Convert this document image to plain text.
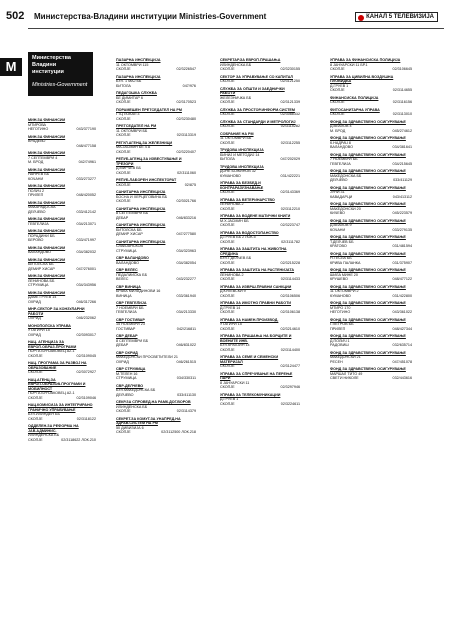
502 Министерства-Владини институции Ministries-Government	КАНАЛ 5 ТЕЛЕВИЗИЈА
М
Министерства Владини институции
Ministries-Government
МИН.ЗА ФИНАНСИИ
МТИРОВА
НЕГОТИНО	043/377190
МИН.ЗА ФИНАНСИИ
ВРАДЕВО
048/477158
МИН.ЗА ФИНАНСИИ
7 СЕПТЕМВРИ 4
М. БРОД	042/74961
МИН.ЗА ФИНАНСИИ
НАНРЕВ ББ
КОЧАНИ	033/273277
МИН.ЗА ФИНАНСИИ
ПОЛИЧ 2
ПРИЛЕП	048/420052
МИН.ЗА ФИНАНСИИ
МАКАРАДОСКА
ДЕЛЧЕВО	033/412142
МИН.ЗА ФИНАНСИИ
ГЕВГЕЛИЈА	034/213071
МИН.ЗА ФИНАНСИИ
ПОРАДИНИ ББ
БЕРОВО	033/471997
МИН.ЗА ФИНАНСИИ
ВАЛАНДОВО	034/382032
МИН.ЗА ФИНАНСИИ
БИТОЛСКА ББ
ДЕМИР ХИСАР	047/276001
МИН.ЗА ФИНАНСИИ
ЛЕНИНОВА ББ
СТРУМИЦА	034/343956
МИН.ЗА ФИНАНСИИ
ДАМЕ ГРУЕВ 14
ОХРИД	046/317266
МНР-СЕКТОР ЗА КОНЗУЛАРНИ РАБОТИ
ОХРИД	046/232062
МОНОПОЛСКА УПРАВА
УТАГИРИ 15
ОХРИД	02/3093017
НАЦ. АГЕНЦИЈА ЗА ЕВРОП.ОБРАЗ.ПРОГРАМИ
ПОРТА БУНЈАКОВЕЦ А2-1
СКОПЈЕ	02/3109045
НАЦ. ПРОГРАМА ЗА РАЗВОЈ НА ОБРАЗОВАНИЕ
СКОПЈЕ	02/3072927
НАЦ.АГЕНЦ.ЗА ЕВРОП.ОБРАЗОВ.ПРОГРАМИ И МОБИЛНОСТ
ПОРТА БУНЈАКОВЕЦ А2-1
СКОПЈЕ	02/3109046
НАЦ.КОМИСИЈА ЗА ИНТЕГРИРАНО ГРАНИЧНО УПРАВУВАЊЕ
БУЛ.ИЛИНДЕН ББ
СКОПЈЕ	02/3118122
ОДДЕЛЕН.ЗА РЕФОРМА НА ЈАВ.АДМИНИС.
ИЛИНДЕНСКА ББ
СКОПЈЕ	02/3118622 ЛОК.210
ПАЗАРНА ИНСПЕКЦИЈА
11 ОКТОМВРИ 115
СКОПЈЕ	02/3226547
ПАЗАРНА ИНСПЕКЦИЈА
БУЛ. 1 МАЈ ББ
БИТОЛА	047/976
ПЕДАГОШКА СЛУЖБА
БЕ ДИМИТАР 6
СКОПЈЕ	02/3170523
ПОРАМЕШЕН ПРЕТСЕДАТЕЛ НА РМ
ГТЦ ЛОКАЛ 3
СКОПЈЕ	02/3230480
ПРЕТСЕДАТЕЛ НА РМ
11 ОКТОМВРИ ББ
СКОПЈЕ	02/3113319
РЕГУЛ.АГЕНЦ.ЗА ЖЕЛЕЗНИЦИ
МА.ЈАСМИН БЕ 4 А
СКОПЈЕ	02/3220407
РЕПУБ.АГЕНЦ.ЗА ИЗВЕСТУВАЊЕ И ТРЕЗОРИ
Д.МИРЧЕВ ББ
СКОПЈЕ	02/3111060
РЕПУБ.ЛАБОРЕН ИНСПЕКТОРАТ
СКОПЈЕ	02/875
САНИТАРНА ИНСПЕКЦИЈА
БОСНА И ХЕРЦЕГОВИНА ББ
СКОПЈЕ	02/3021766
САНИТАРНА ИНСПЕКЦИЈА
8 СЕПТЕМВРИ ББ
ДЕБАР	046/833216
САНИТАРНА ИНСПЕКЦИЈА
БИТОЛСКА ББ
ДЕМИР ХИСАР	047/277580
САНИТАРНА ИНСПЕКЦИЈА
СЛАВЈАНСКОВ
СТРУМИЦА	034/323963
СВР ВАЛАНДОВО
ВАЛАНДОВО	034/382054
СВР ВЕЛЕС
ПЕДАЛИИСКА ББ
ВЕЛЕС	043/232277
СВР ВИНИЦА
БРАЌА МИЛАДИНОВИ 16
ВИНИЦА	033/361940
СВР ГЕВГЕЛИЈА
7 НОЕМВРИ ББ
ГЕВГЕЛИЈА	034/213330
СВР ГОСТИВАР
15 НОЕМВРИ 23
ГОСТИВАР	042/216811
СВР ДЕБАР
8 СЕПТЕМВРИ ББ
ДЕБАР	046/831022
СВР ОХРИД
МАКЕДОНСКИ ПРОСВЕТИТЕЛИ 21
ОХРИД	046/261515
СВР СТРУМИЦА
М.ТЕЛЕН 16
СТРУМИЦА	034/330311
СВР-ДЕЛЧЕВО
БУЛ.МАКЕДОНСКА ББ
ДЕЛЧЕВО	033/411130
СЕКР.ЗА СПРОВЕД.НА РАМК.ДОГ.ВОРОВ
ИЛИНДЕНСКА ББ
СКОПЈЕ	02/3114379
СЕКРЕТ.ЗА КОМУТ.ЗА УНАПРЕД.НА ЗДРАВ.СИСТЕМ НА РМ
50 ДИВИЗИЈА 6
СКОПЈЕ	02/3112500 ЛОК.218
СЕКРЕТАР.ЗА ЕВРОП.ПРАШАЊА
ИЛИНДЕНСКА ББ
СКОПЈЕ	02/3230155
СЕКТОР ЗА УПРАВУВАЊЕ СО КАПИТАЛ
СКОПЈЕ	02/3121250
СЛУЖБА ЗА ОПШТИ И ЗАЕДНИЧКИ РАБОТИ
ЖЕЛЕЗНИЧКА ББ
СКОПЈЕ	02/3121339
СЛУЖБА ЗА ПРОСТОР.ИНФОРМ.СИСТЕМ
СКОПЈЕ	02/3088332
СЛУЖБА ЗА СТАНДАРДИ И МЕТРОЛОГИЈ
СКОПЈЕ	02/3115282
СОБРАНИЕ НА РМ
11 ОКТОМВРИ ББ
СКОПЈЕ	02/3112255
ТРУДОВА ИНСПЕКЦИЈА
БИНИЈ И МЕТОДИЈ 14
БИТОЛА	047/202029
ТРУДОВА ИНСПЕКЦИЈА
ДОНЕ БОЖИНОВ 32
КУМАНОВО	031/422221
УПРАВА ЗА БЕЗБЕД.И КОНТРАРАЗУЗНАВАЊЕ
СКОПЈЕ	02/3143369
УПРАВА ЗА ВЕТЕРИНАРСТВО
ЛЕНИНОВА 2
СКОПЈЕ	02/3112210
УПРАВА ЗА ВОДЕНЕ МАТИЧНИ КНИГИ
М.Х.ЈАСМИН ББ
СКОПЈЕ	02/3223747
УПРАВА ЗА ВОДОСТОПАНСТВО
Д.ГРУЕВ ББ 2 ЛОК.5
СКОПЈЕ	02/3111782
УПРАВА ЗА ЗАШТИТА НА ЖИВОТНА СРЕДИНА
БУЛ.Г.ДЕЛЧЕВ ББ
СКОПЈЕ	02/3215228
УПРАВА ЗА ЗАШТИТА НА РАСТЕНИЈАТА
ЛЕНИНОВА 2
СКОПЈЕ	02/3114433
УПРАВА ЗА ИЗВРШ.ПРАВНИ САНКЦИИ
Д.КУЛЕВСКИ 9
СКОПЈЕ	02/3106506
УПРАВА ЗА ИМОТНО ПРАВНИ РАБОТИ
Д.ГРУЕВ 14
СКОПЈЕ	02/3106138
УПРАВА ЗА НАМЕН.ПРОИЗВОД.
УТАГИРИ 15
СКОПЈЕ	02/3214610
УПРАВА ЗА ПРАШАЊА НА БОРЦИТЕ И ВОЕНИТЕ ИНВ.
БУЛ.КРАЛЈИН 14
СКОПЈЕ	02/3114400
УПРАВА ЗА СЕМЕ И СЕМЕНСКИ МАТЕРИЈАЛ
СКОПЈЕ	02/3124477
УПРАВА ЗА СПРЕЧУВАЊЕ НА ПЕРЕЊЕ ПАРИ
8 ЈАНУАРСКИ 11
СКОПЈЕ	02/3297946
УПРАВА ЗА ТЕЛЕКОМУНИКАЦИИ
Д.ГРУЕВ 1
СКОПЈЕ	02/3224611
УПРАВА ЗА ФИНАНСИСКА ПОЛИЦИЈА
8 ЈАНУАРСКИ 11 БР.1
СКОПЈЕ	02/3106645
УПРАВА ЗА ЦИВИЛНА ВОЗДУШНА ПЛОВИДБА
Д.ГРУЕВ 1
СКОПЈЕ	02/3114655
ФИНАНСИСКА ПОЛИЦИЈА
СКОПЈЕ	02/3116156
ФИТОСАНИТАРНА УПРАВА
СКОПЈЕ	02/3113010
ФОНД ЗА ЗДРАВСТВЕНО ОСИГУРУВАЊЕ
Д.ВЛАХОВ 4
М. БРОД	045/274612
ФОНД ЗА ЗДРАВСТВЕНО ОСИГУРУВАЊЕ
К.НАДРАЧ 8
ВАЛАНДОВО	034/381641
ФОНД ЗА ЗДРАВСТВЕНО ОСИГУРУВАЊЕ
7 НОЕМВРИ ББ
ГЕВГЕЛИЈА	034/215645
ФОНД ЗА ЗДРАВСТВЕНО ОСИГУРУВАЊЕ
МАКЕДОНСКА ББ
ДЕЛЧЕВО	033/411129
ФОНД ЗА ЗДРАВСТВЕНО ОСИГУРУВАЊЕ
ЈУНИ 31
КАВАДАРЦИ	043/413112
ФОНД ЗА ЗДРАВСТВЕНО ОСИГУРУВАЊЕ
МАКЕДОНСКИ 20
КИЧЕВО	045/223579
ФОНД ЗА ЗДРАВСТВЕНО ОСИГУРУВАЊЕ
Д.ВЛАХОВ 9
КОЧАНИ	033/279135
ФОНД ЗА ЗДРАВСТВЕНО ОСИГУРУВАЊЕ
Т.ДЕЛЧЕВ ББ
КРАТОВО	031/481594
ФОНД ЗА ЗДРАВСТВЕНО ОСИГУРУВАЊЕ
Н.ТЕСЛА ББ
КРИВА ПАЛАНКА	031/375907
ФОНД ЗА ЗДРАВСТВЕНО ОСИГУРУВАЊЕ
ШИЛА МИНЕ 20
КРУШЕВО	048/477122
ФОНД ЗА ЗДРАВСТВЕНО ОСИГУРУВАЊЕ
11 ОКТОМВРИ 2
КУМАНОВО	031/422800
ФОНД ЗА ЗДРАВСТВЕНО ОСИГУРУВАЊЕ
МТИРО 170
НЕГОТИНО	043/361022
ФОНД ЗА ЗДРАВСТВЕНО ОСИГУРУВАЊЕ
Г.ПЕТРОВ ББ
ПРИЛЕП	048/427344
ФОНД ЗА ЗДРАВСТВЕНО ОСИГУРУВАЊЕ
Д.ПОЛИЧ 1
РАДОВИШ	032/635714
ФОНД ЗА ЗДРАВСТВЕНО ОСИГУРУВАЊЕ
МАКЕДОНСКИ 21
РЕСЕН	047/451078
ФОНД ЗА ЗДРАВСТВЕНО ОСИГУРУВАЊЕ
МАРШАЛ ТИТО 49
СВЕТИ НИКОЛЕ	032/443616
